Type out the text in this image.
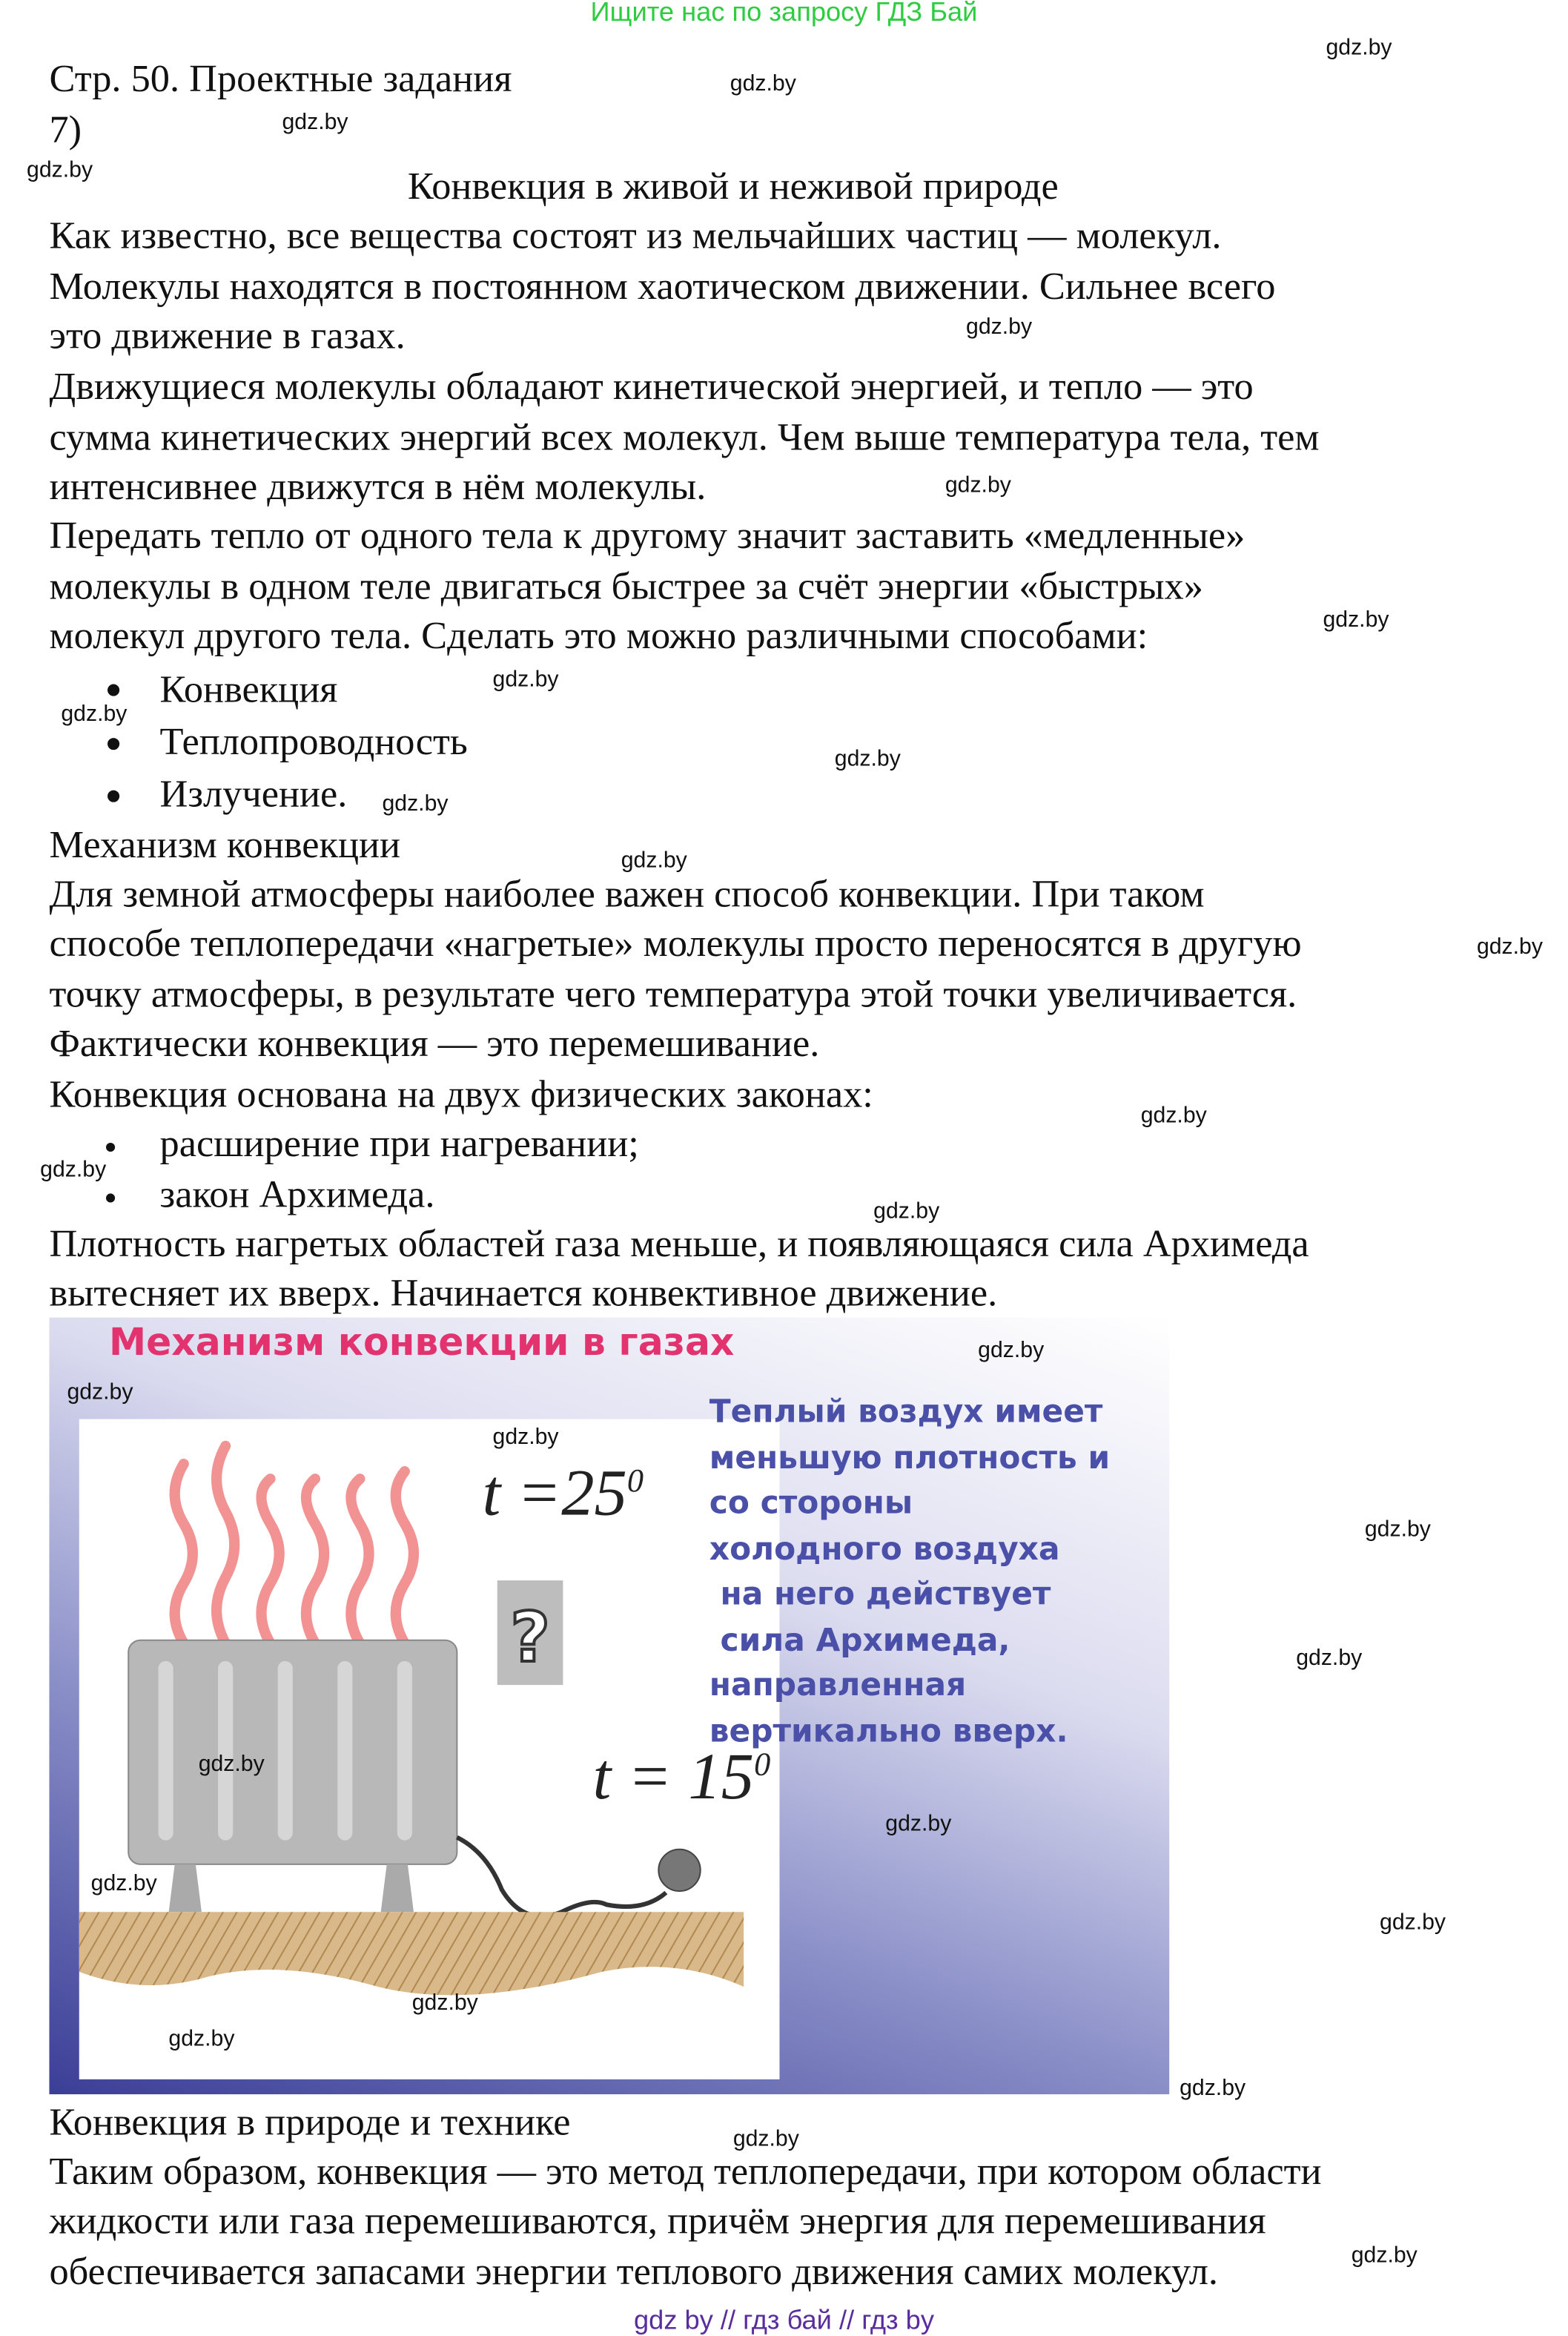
Ищите нас по запросу ГДЗ Бай
Стр. 50. Проектные задания
7)
Конвекция в живой и неживой природе
Как известно, все вещества состоят из мельчайших частиц — молекул.
Молекулы находятся в постоянном хаотическом движении. Сильнее всего
это движение в газах.
Движущиеся молекулы обладают кинетической энергией, и тепло — это
сумма кинетических энергий всех молекул. Чем выше температура тела, тем
интенсивнее движутся в нём молекулы.
Передать тепло от одного тела к другому значит заставить «медленные»
молекулы в одном теле двигаться быстрее за счёт энергии «быстрых»
молекул другого тела. Сделать это можно различными способами:
Конвекция
Теплопроводность
Излучение.
Механизм конвекции
Для земной атмосферы наиболее важен способ конвекции. При таком
способе теплопередачи «нагретые» молекулы просто переносятся в другую
точку атмосферы, в результате чего температура этой точки увеличивается.
Фактически конвекция — это перемешивание.
Конвекция основана на двух физических законах:
расширение при нагревании;
закон Архимеда.
Плотность нагретых областей газа меньше, и появляющаяся сила Архимеда
вытесняет их вверх. Начинается конвективное движение.
Механизм конвекции в газах
?
$t =25^0$
$t = 15^0$
Теплый воздух имеет
меньшую плотность и
со стороны
холодного воздуха
на него действует
сила Архимеда,
направленная
вертикально вверх.
Конвекция в природе и технике
Таким образом, конвекция — это метод теплопередачи, при котором области
жидкости или газа перемешиваются, причём энергия для перемешивания
обеспечивается запасами энергии теплового движения самих молекул.
gdz.by
gdz.by
gdz.by
gdz.by
gdz.by
gdz.by
gdz.by
gdz.by
gdz.by
gdz.by
gdz.by
gdz.by
gdz.by
gdz.by
gdz.by
gdz.by
gdz.by
gdz.by
gdz.by
gdz.by
gdz.by
gdz.by
gdz.by
gdz.by
gdz.by
gdz.by
gdz.by
gdz.by
gdz.by
gdz.by
gdz by // гдз бай // гдз by
